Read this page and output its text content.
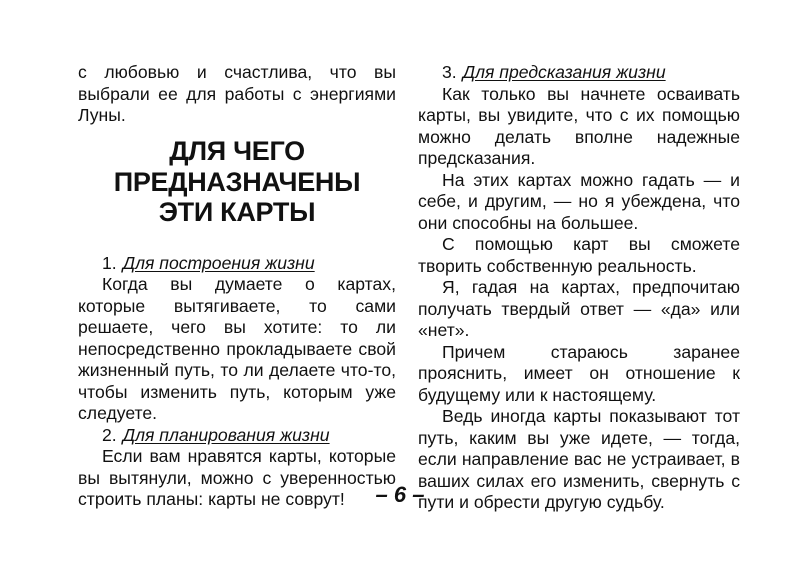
с любовью и счастлива, что вы выбрали ее для работы с энергиями Луны.

ДЛЯ ЧЕГО
ПРЕДНАЗНАЧЕНЫ
ЭТИ КАРТЫ

1. Для построения жизни

Когда вы думаете о картах, которые вытягиваете, то сами решаете, чего вы хотите: то ли непосредственно прокладываете свой жизненный путь, то ли делаете что-то, чтобы изменить путь, которым уже следуете.

2. Для планирования жизни

Если вам нравятся карты, которые вы вытянули, можно с уверенностью строить планы: карты не соврут!

3. Для предсказания жизни

Как только вы начнете осваивать карты, вы увидите, что с их помощью можно делать вполне надежные предсказания.

На этих картах можно гадать — и себе, и другим, — но я убеждена, что они способны на большее.

С помощью карт вы сможете творить собственную реальность.

Я, гадая на картах, предпочитаю получать твердый ответ — «да» или «нет».

Причем стараюсь заранее прояснить, имеет он отношение к будущему или к настоящему.

Ведь иногда карты показывают тот путь, каким вы уже идете, — тогда, если направление вас не устраивает, в ваших силах его изменить, свернуть с пути и обрести другую судьбу.

– 6 –
